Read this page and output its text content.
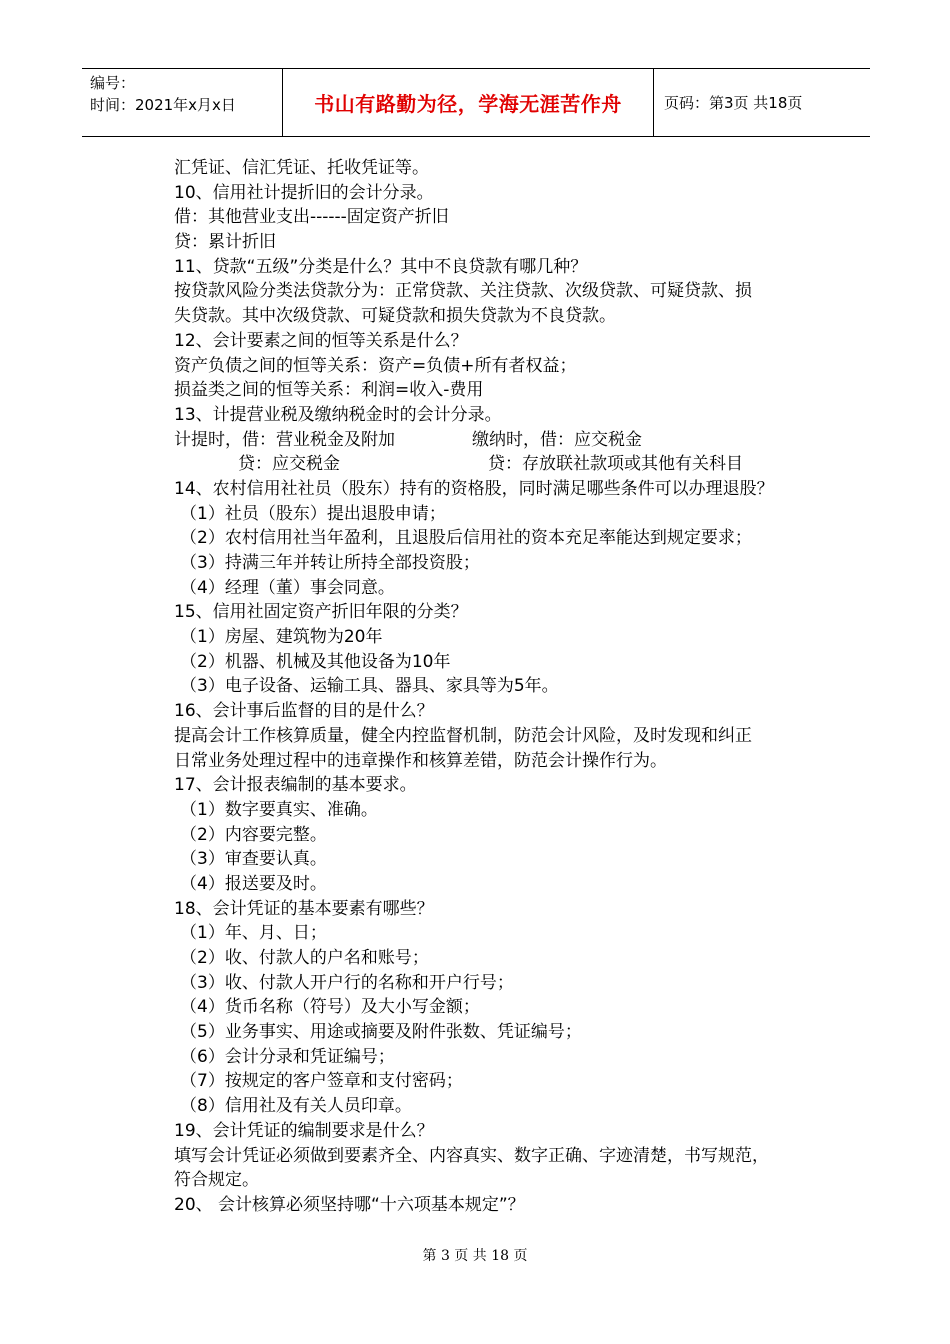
编号：
时间：2021年x月x日	书山有路勤为径，学海无涯苦作舟	页码：第3页 共18页
汇凭证、信汇凭证、托收凭证等。
10、信用社计提折旧的会计分录。
借：其他营业支出------固定资产折旧
贷：累计折旧
11、贷款“五级”分类是什么？其中不良贷款有哪几种？
按贷款风险分类法贷款分为：正常贷款、关注贷款、次级贷款、可疑贷款、损
失贷款。其中次级贷款、可疑贷款和损失贷款为不良贷款。
12、会计要素之间的恒等关系是什么？
资产负债之间的恒等关系：资产=负债+所有者权益；
损益类之间的恒等关系：利润=收入-费用
13、计提营业税及缴纳税金时的会计分录。
计提时，借：营业税金及附加	缴纳时，借：应交税金
贷：应交税金	贷：存放联社款项或其他有关科目
14、农村信用社社员（股东）持有的资格股，同时满足哪些条件可以办理退股？
（1）社员（股东）提出退股申请；
（2）农村信用社当年盈利，且退股后信用社的资本充足率能达到规定要求；
（3）持满三年并转让所持全部投资股；
（4）经理（董）事会同意。
15、信用社固定资产折旧年限的分类？
（1）房屋、建筑物为20年
（2）机器、机械及其他设备为10年
（3）电子设备、运输工具、器具、家具等为5年。
16、会计事后监督的目的是什么？
提高会计工作核算质量，健全内控监督机制，防范会计风险，及时发现和纠正
日常业务处理过程中的违章操作和核算差错，防范会计操作行为。
17、会计报表编制的基本要求。
（1）数字要真实、准确。
（2）内容要完整。
（3）审查要认真。
（4）报送要及时。
18、会计凭证的基本要素有哪些？
（1）年、月、日；
（2）收、付款人的户名和账号；
（3）收、付款人开户行的名称和开户行号；
（4）货币名称（符号）及大小写金额；
（5）业务事实、用途或摘要及附件张数、凭证编号；
（6）会计分录和凭证编号；
（7）按规定的客户签章和支付密码；
（8）信用社及有关人员印章。
19、会计凭证的编制要求是什么？
填写会计凭证必须做到要素齐全、内容真实、数字正确、字迹清楚，书写规范，
符合规定。
20、 会计核算必须坚持哪“十六项基本规定”？
第 3 页 共 18 页
